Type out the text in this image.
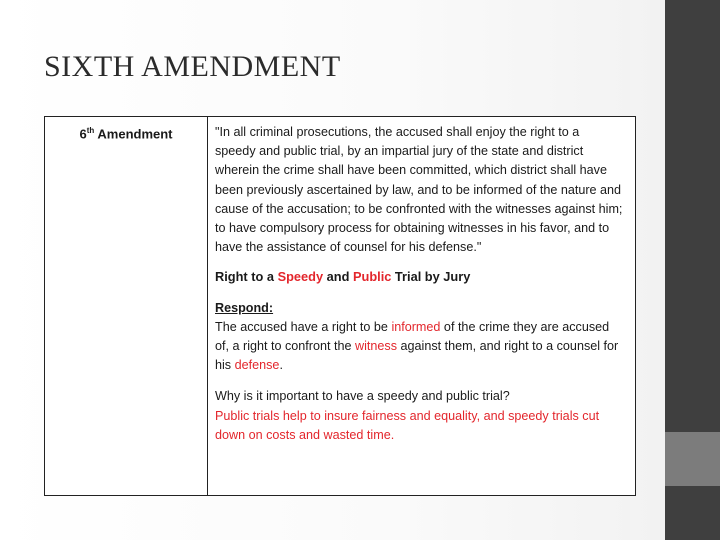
SIXTH AMENDMENT
6th Amendment	"In all criminal prosecutions, the accused shall enjoy the right to a speedy and public trial, by an impartial jury of the state and district wherein the crime shall have been committed, which district shall have been previously ascertained by law, and to be informed of the nature and cause of the accusation; to be confronted with the witnesses against him; to have compulsory process for obtaining witnesses in his favor, and to have the assistance of counsel for his defense."

Right to a Speedy and Public Trial by Jury

Respond:

The accused have a right to be informed of the crime they are accused of, a right to confront the witness against them, and right to a counsel for his defense.

Why is it important to have a speedy and public trial?

Public trials help to insure fairness and equality, and speedy trials cut down on costs and wasted time.
